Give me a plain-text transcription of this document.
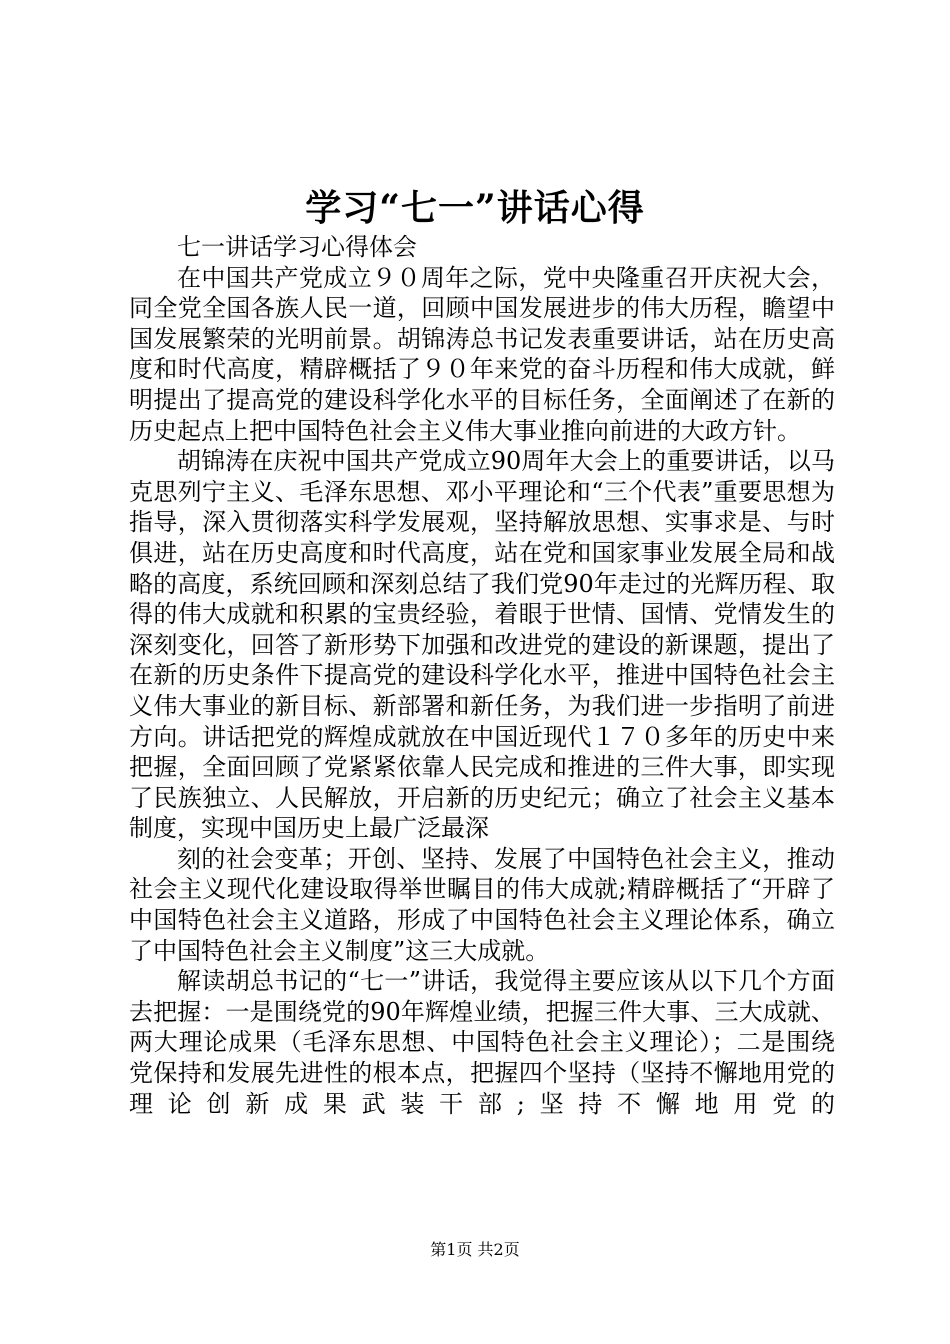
学习“七一”讲话心得

七一讲话学习心得体会

在中国共产党成立９０周年之际，党中央隆重召开庆祝大会，同全党全国各族人民一道，回顾中国发展进步的伟大历程，瞻望中国发展繁荣的光明前景。胡锦涛总书记发表重要讲话，站在历史高度和时代高度，精辟概括了９０年来党的奋斗历程和伟大成就，鲜明提出了提高党的建设科学化水平的目标任务，全面阐述了在新的历史起点上把中国特色社会主义伟大事业推向前进的大政方针。

胡锦涛在庆祝中国共产党成立90周年大会上的重要讲话，以马克思列宁主义、毛泽东思想、邓小平理论和“三个代表”重要思想为指导，深入贯彻落实科学发展观，坚持解放思想、实事求是、与时俱进，站在历史高度和时代高度，站在党和国家事业发展全局和战略的高度，系统回顾和深刻总结了我们党90年走过的光辉历程、取得的伟大成就和积累的宝贵经验，着眼于世情、国情、党情发生的深刻变化，回答了新形势下加强和改进党的建设的新课题，提出了在新的历史条件下提高党的建设科学化水平，推进中国特色社会主义伟大事业的新目标、新部署和新任务，为我们进一步指明了前进方向。讲话把党的辉煌成就放在中国近现代１７０多年的历史中来把握，全面回顾了党紧紧依靠人民完成和推进的三件大事，即实现了民族独立、人民解放，开启新的历史纪元；确立了社会主义基本制度，实现中国历史上最广泛最深

刻的社会变革；开创、坚持、发展了中国特色社会主义，推动社会主义现代化建设取得举世瞩目的伟大成就;精辟概括了“开辟了中国特色社会主义道路，形成了中国特色社会主义理论体系，确立了中国特色社会主义制度”这三大成就。

解读胡总书记的“七一”讲话，我觉得主要应该从以下几个方面去把握：一是围绕党的90年辉煌业绩，把握三件大事、三大成就、两大理论成果（毛泽东思想、中国特色社会主义理论）；二是围绕党保持和发展先进性的根本点，把握四个坚持（坚持不懈地用党的理论创新成果武装干部;坚持不懈地用党的

第1页 共2页
